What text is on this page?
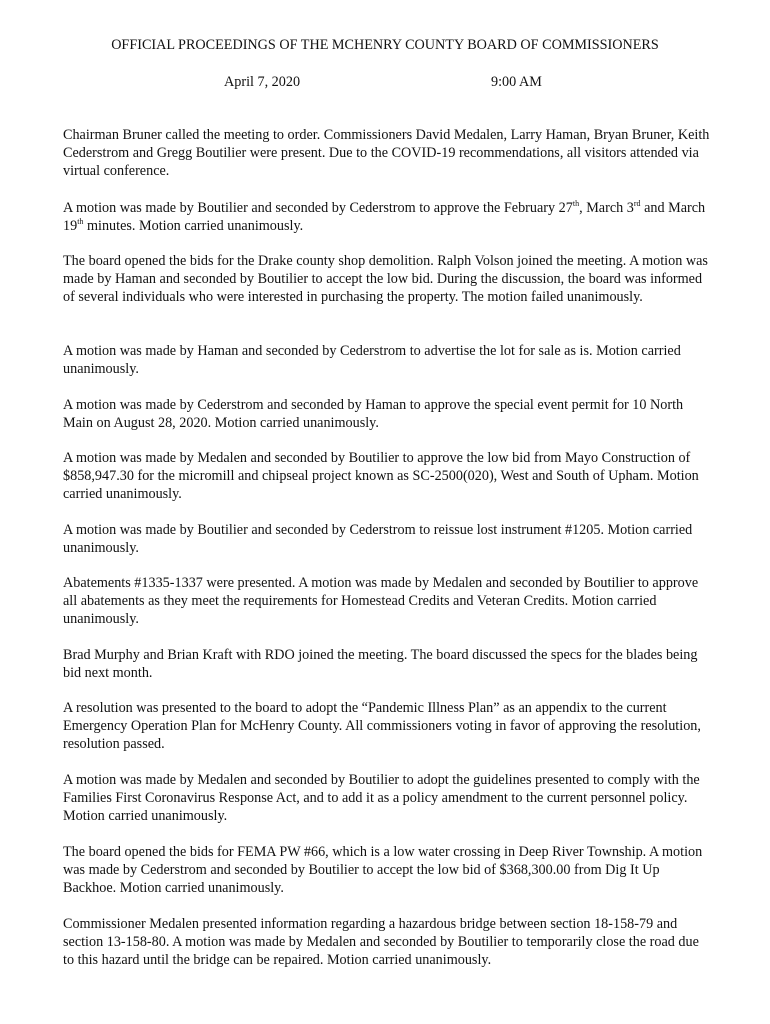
OFFICIAL PROCEEDINGS OF THE MCHENRY COUNTY BOARD OF COMMISSIONERS
April 7, 2020	9:00 AM

Chairman Bruner called the meeting to order. Commissioners David Medalen, Larry Haman, Bryan Bruner, Keith Cederstrom and Gregg Boutilier were present. Due to the COVID-19 recommendations, all visitors attended via virtual conference.

A motion was made by Boutilier and seconded by Cederstrom to approve the February 27th, March 3rd and March 19th minutes. Motion carried unanimously.

The board opened the bids for the Drake county shop demolition. Ralph Volson joined the meeting. A motion was made by Haman and seconded by Boutilier to accept the low bid. During the discussion, the board was informed of several individuals who were interested in purchasing the property. The motion failed unanimously.

A motion was made by Haman and seconded by Cederstrom to advertise the lot for sale as is. Motion carried unanimously.

A motion was made by Cederstrom and seconded by Haman to approve the special event permit for 10 North Main on August 28, 2020. Motion carried unanimously.

A motion was made by Medalen and seconded by Boutilier to approve the low bid from Mayo Construction of $858,947.30 for the micromill and chipseal project known as SC-2500(020), West and South of Upham. Motion carried unanimously.

A motion was made by Boutilier and seconded by Cederstrom to reissue lost instrument #1205. Motion carried unanimously.

Abatements #1335-1337 were presented. A motion was made by Medalen and seconded by Boutilier to approve all abatements as they meet the requirements for Homestead Credits and Veteran Credits. Motion carried unanimously.

Brad Murphy and Brian Kraft with RDO joined the meeting. The board discussed the specs for the blades being bid next month.

A resolution was presented to the board to adopt the “Pandemic Illness Plan” as an appendix to the current Emergency Operation Plan for McHenry County. All commissioners voting in favor of approving the resolution, resolution passed.

A motion was made by Medalen and seconded by Boutilier to adopt the guidelines presented to comply with the Families First Coronavirus Response Act, and to add it as a policy amendment to the current personnel policy. Motion carried unanimously.

The board opened the bids for FEMA PW #66, which is a low water crossing in Deep River Township. A motion was made by Cederstrom and seconded by Boutilier to accept the low bid of $368,300.00 from Dig It Up Backhoe. Motion carried unanimously.

Commissioner Medalen presented information regarding a hazardous bridge between section 18-158-79 and section 13-158-80. A motion was made by Medalen and seconded by Boutilier to temporarily close the road due to this hazard until the bridge can be repaired. Motion carried unanimously.
